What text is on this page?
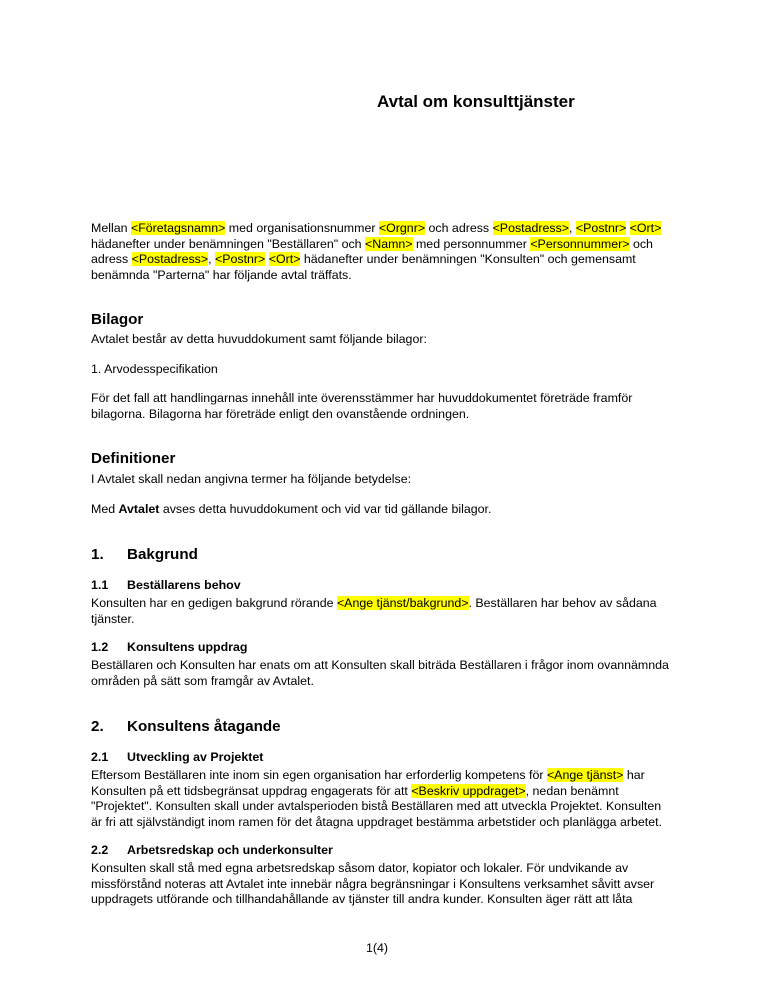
Avtal om konsulttjänster
Mellan <Företagsnamn> med organisationsnummer <Orgnr> och adress <Postadress>, <Postnr> <Ort>
hädanefter under benämningen "Beställaren" och <Namn> med personnummer <Personnummer> och
adress <Postadress>, <Postnr> <Ort> hädanefter under benämningen "Konsulten" och gemensamt
benämnda "Parterna" har följande avtal träffats.
Bilagor
Avtalet består av detta huvuddokument samt följande bilagor:
1. Arvodesspecifikation
För det fall att handlingarnas innehåll inte överensstämmer har huvuddokumentet företräde framför
bilagorna. Bilagorna har företräde enligt den ovanstående ordningen.
Definitioner
I Avtalet skall nedan angivna termer ha följande betydelse:
Med Avtalet avses detta huvuddokument och vid var tid gällande bilagor.
1. Bakgrund
1.1 Beställarens behov
Konsulten har en gedigen bakgrund rörande <Ange tjänst/bakgrund>. Beställaren har behov av sådana
tjänster.
1.2 Konsultens uppdrag
Beställaren och Konsulten har enats om att Konsulten skall biträda Beställaren i frågor inom ovannämnda
områden på sätt som framgår av Avtalet.
2. Konsultens åtagande
2.1 Utveckling av Projektet
Eftersom Beställaren inte inom sin egen organisation har erforderlig kompetens för <Ange tjänst> har
Konsulten på ett tidsbegränsat uppdrag engagerats för att <Beskriv uppdraget>, nedan benämnt
"Projektet". Konsulten skall under avtalsperioden bistå Beställaren med att utveckla Projektet. Konsulten
är fri att självständigt inom ramen för det åtagna uppdraget bestämma arbetstider och planlägga arbetet.
2.2 Arbetsredskap och underkonsulter
Konsulten skall stå med egna arbetsredskap såsom dator, kopiator och lokaler. För undvikande av
missförstånd noteras att Avtalet inte innebär några begränsningar i Konsultens verksamhet såvitt avser
uppdragets utförande och tillhandahållande av tjänster till andra kunder. Konsulten äger rätt att låta
1(4)
